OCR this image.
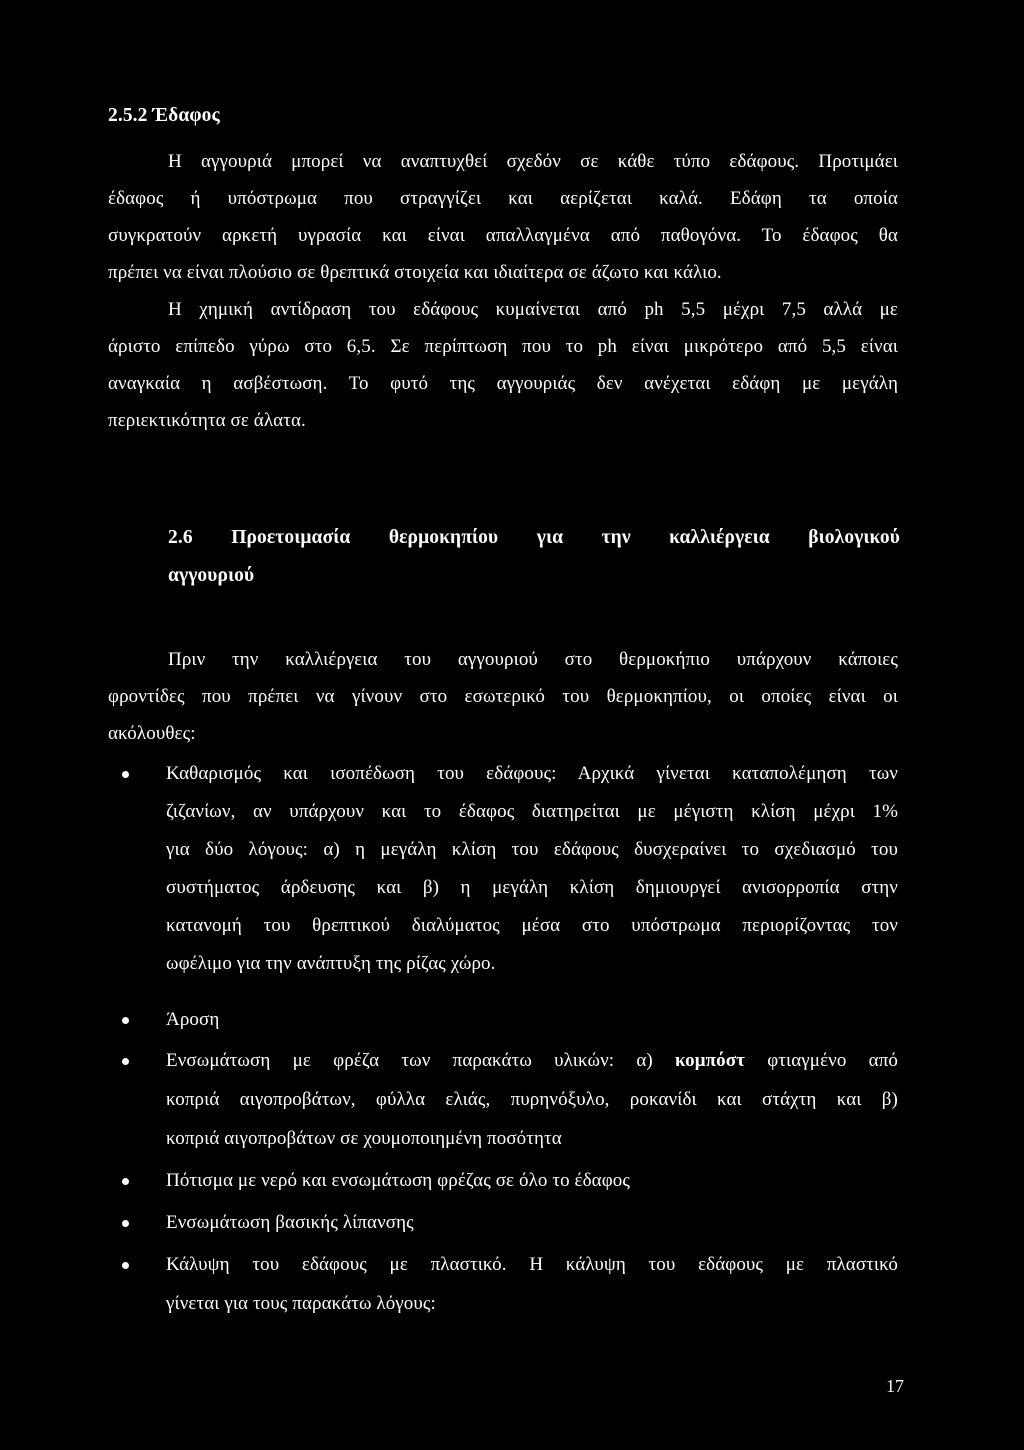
2.5.2 Έδαφος
Η αγγουριά μπορεί να αναπτυχθεί σχεδόν σε κάθε τύπο εδάφους. Προτιμάει
έδαφος ή υπόστρωμα που στραγγίζει και αερίζεται καλά. Εδάφη τα οποία
συγκρατούν αρκετή υγρασία και είναι απαλλαγμένα από παθογόνα. Το έδαφος θα
πρέπει να είναι πλούσιο σε θρεπτικά στοιχεία και ιδιαίτερα σε άζωτο και κάλιο.
Η χημική αντίδραση του εδάφους κυμαίνεται από ph 5,5 μέχρι 7,5 αλλά με
άριστο επίπεδο γύρω στο 6,5. Σε περίπτωση που το ph είναι μικρότερο από 5,5 είναι
αναγκαία η ασβέστωση. Το φυτό της αγγουριάς δεν ανέχεται εδάφη με μεγάλη
περιεκτικότητα σε άλατα.
2.6 Προετοιμασία θερμοκηπίου για την καλλιέργεια βιολογικού
αγγουριού
Πριν την καλλιέργεια του αγγουριού στο θερμοκήπιο υπάρχουν κάποιες
φροντίδες που πρέπει να γίνουν στο εσωτερικό του θερμοκηπίου, οι οποίες είναι οι
ακόλουθες:
Καθαρισμός και ισοπέδωση του εδάφους: Αρχικά γίνεται καταπολέμηση των
ζιζανίων, αν υπάρχουν και το έδαφος διατηρείται με μέγιστη κλίση μέχρι 1%
για δύο λόγους: α) η μεγάλη κλίση του εδάφους δυσχεραίνει το σχεδιασμό του
συστήματος άρδευσης και β) η μεγάλη κλίση δημιουργεί ανισορροπία στην
κατανομή του θρεπτικού διαλύματος μέσα στο υπόστρωμα περιορίζοντας τον
ωφέλιμο για την ανάπτυξη της ρίζας χώρο.
Άροση
Ενσωμάτωση με φρέζα των παρακάτω υλικών: α) κομπόστ φτιαγμένο από
κοπριά αιγοπροβάτων, φύλλα ελιάς, πυρηνόξυλο, ροκανίδι και στάχτη και β)
κοπριά αιγοπροβάτων σε χουμοποιημένη ποσότητα
Πότισμα με νερό και ενσωμάτωση φρέζας σε όλο το έδαφος
Ενσωμάτωση βασικής λίπανσης
Κάλυψη του εδάφους με πλαστικό. Η κάλυψη του εδάφους με πλαστικό
γίνεται για τους παρακάτω λόγους:
17
